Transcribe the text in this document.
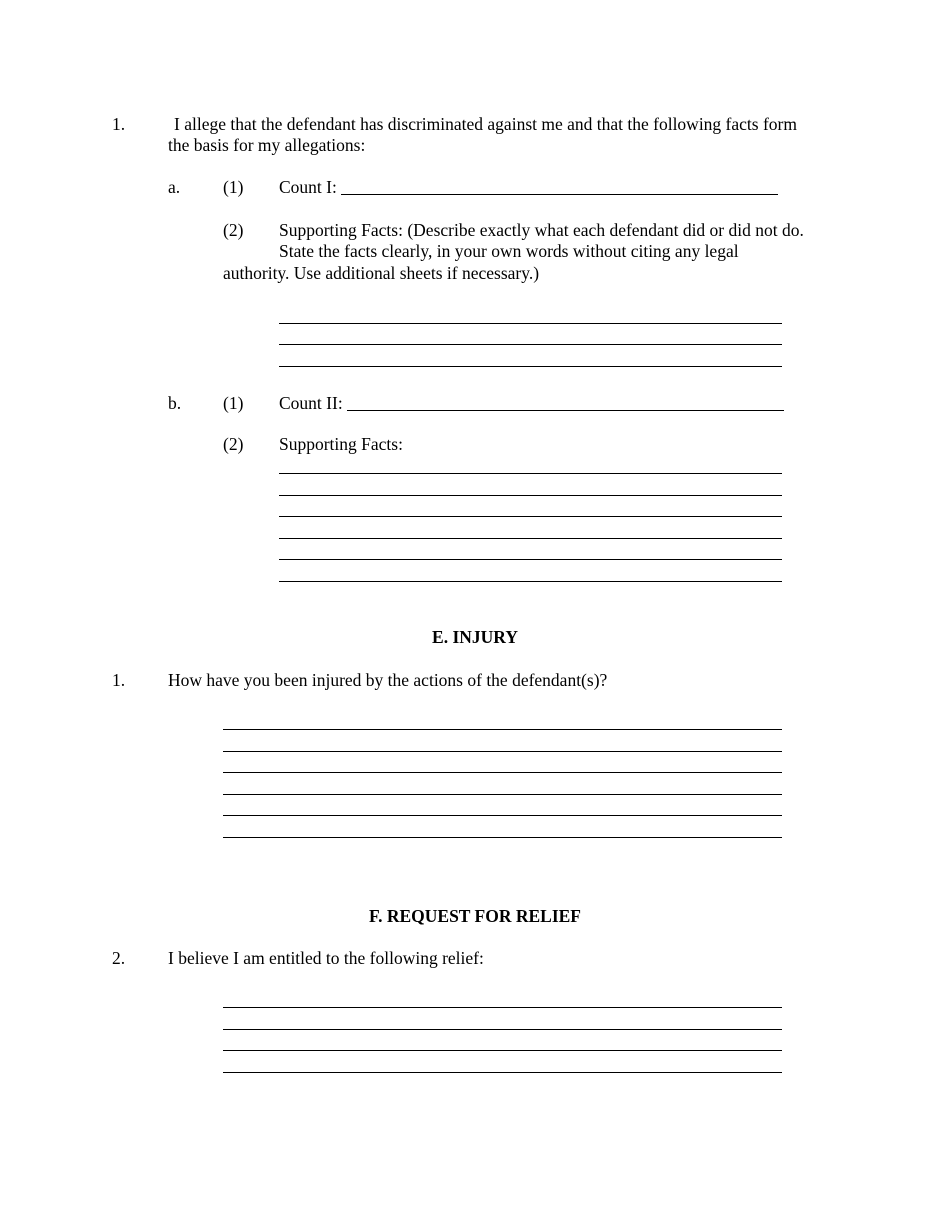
1.	I allege that the defendant has discriminated against me and that the following facts form
the basis for my allegations:
a. (1) Count I:
(2) Supporting Facts: (Describe exactly what each defendant did or did not do.
State the facts clearly, in your own words without citing any legal
authority. Use additional sheets if necessary.)
b. (1) Count II:
(2) Supporting Facts:
E. INJURY
1. How have you been injured by the actions of the defendant(s)?
F. REQUEST FOR RELIEF
2. I believe I am entitled to the following relief:
